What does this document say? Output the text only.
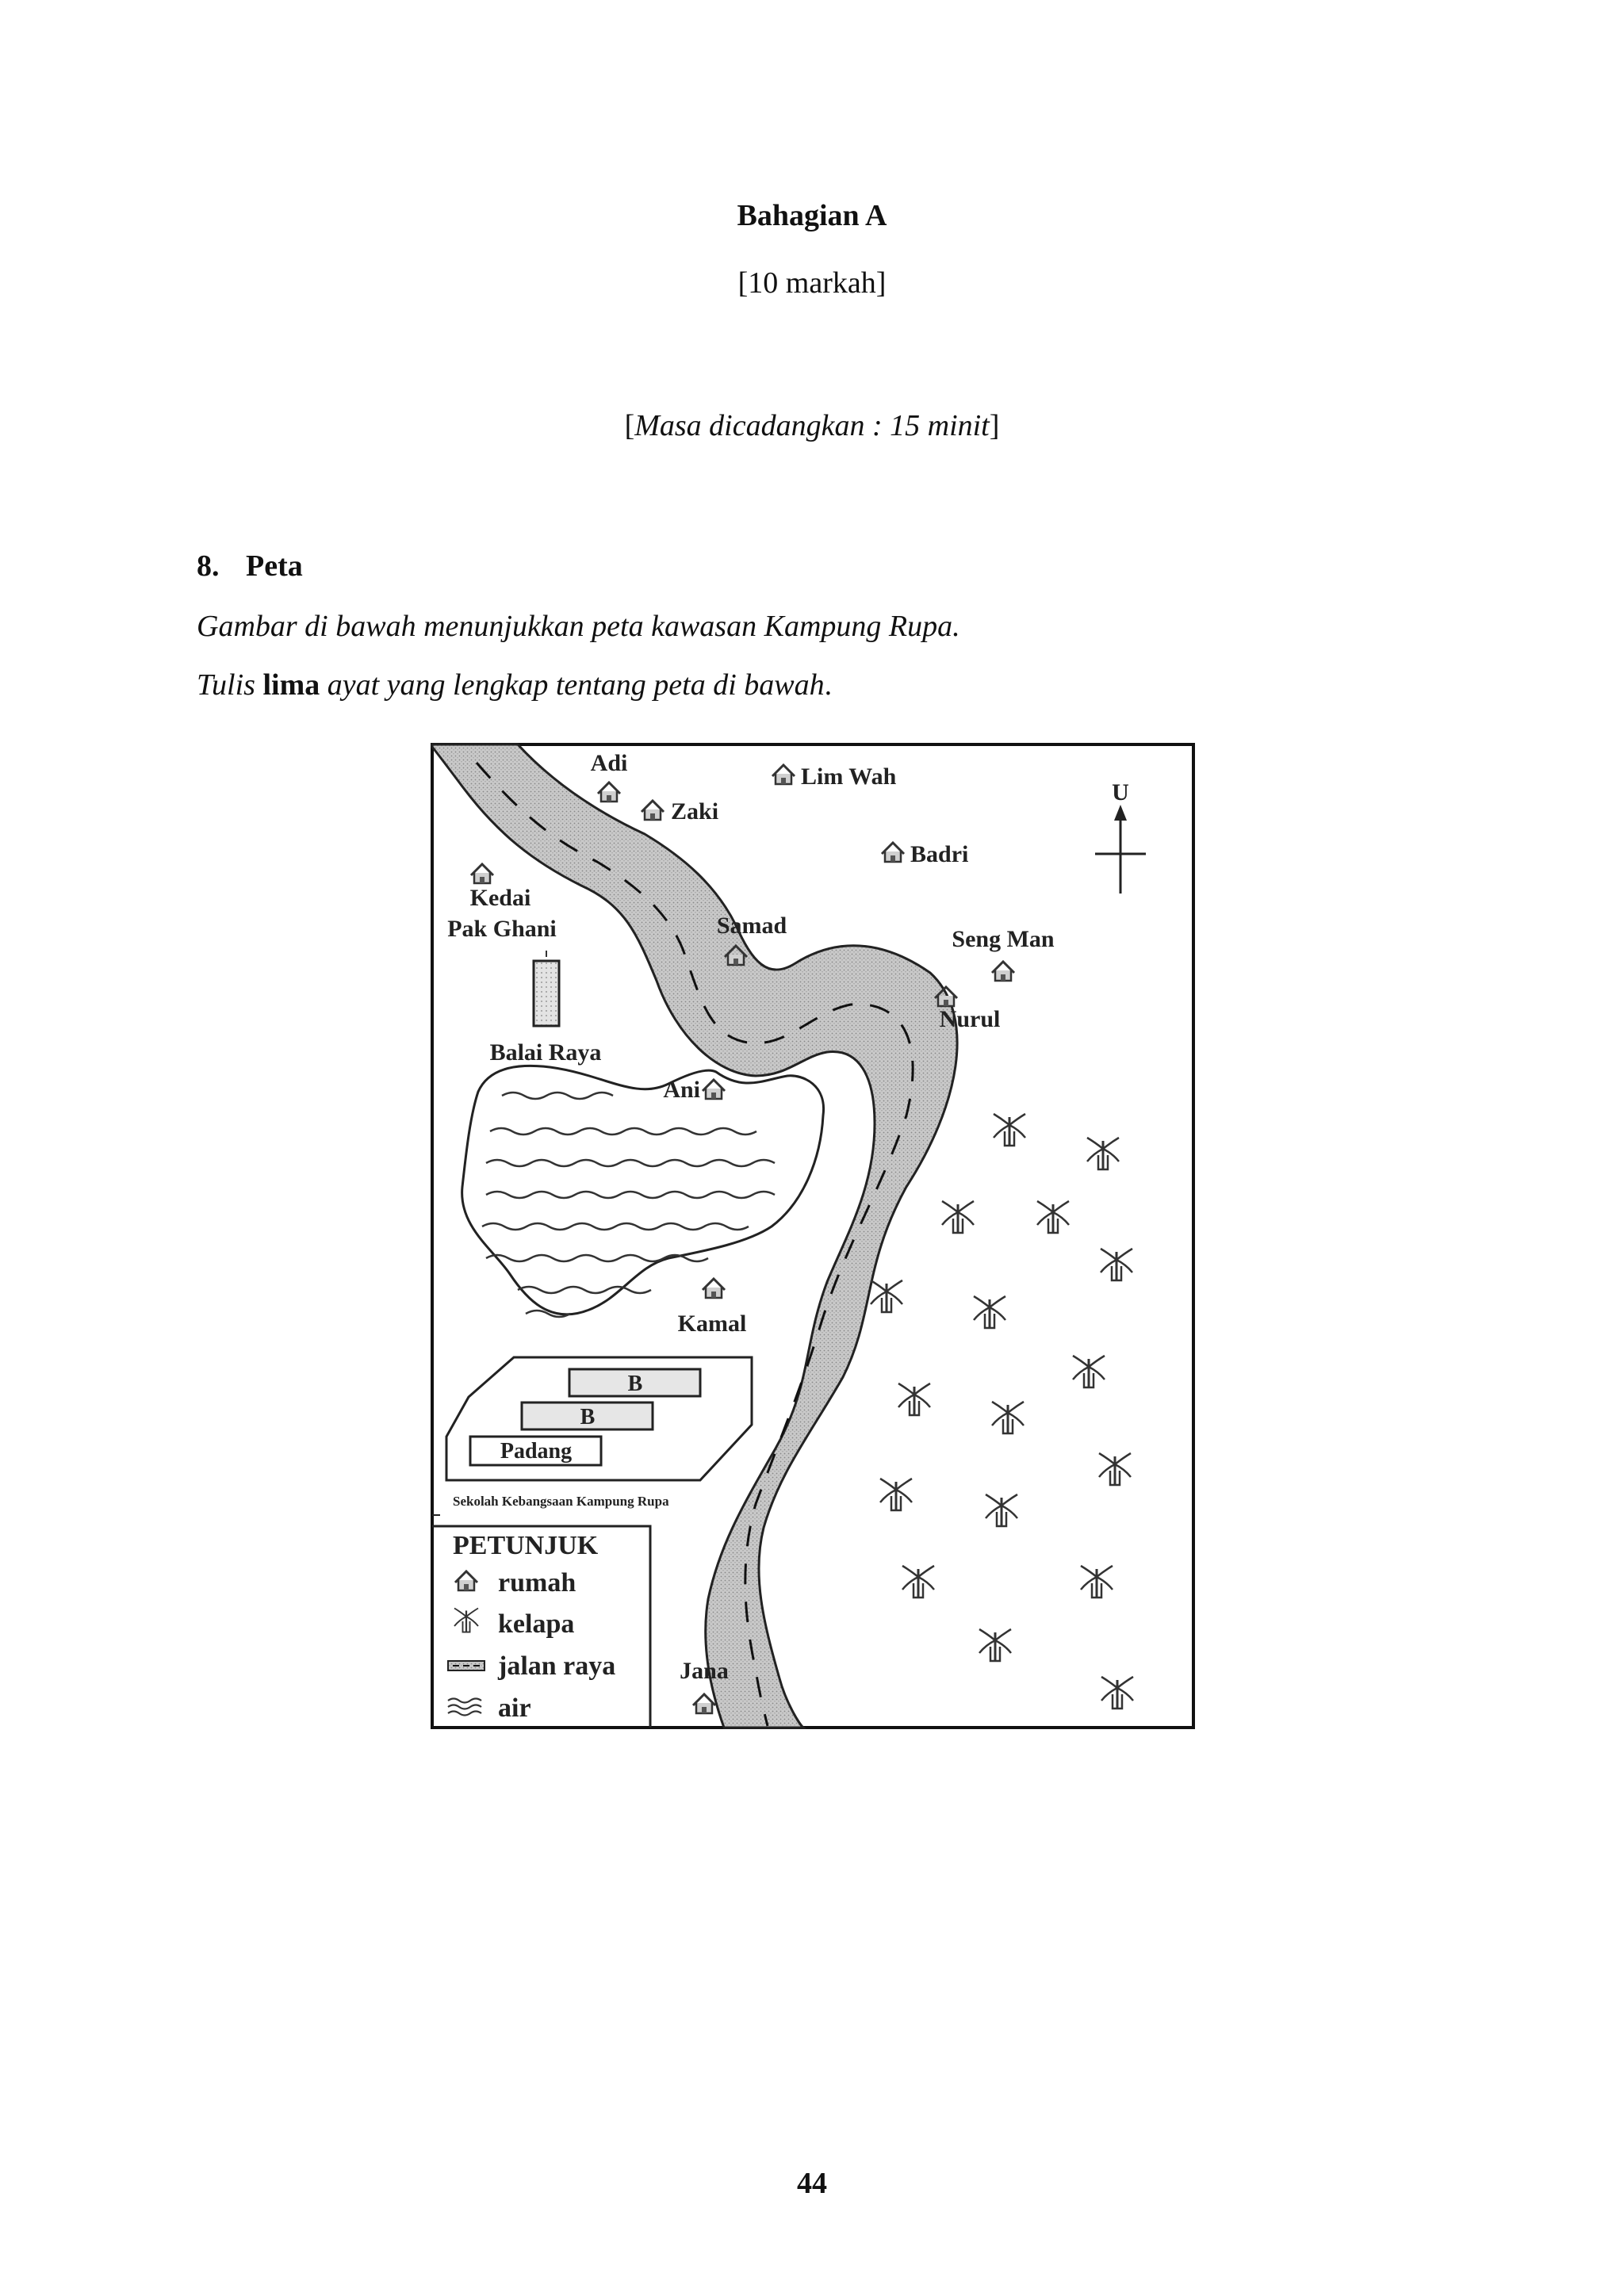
Bahagian A
[10 markah]
[Masa dicadangkan : 15 minit]
8. Peta
Gambar di bawah menunjukkan peta kawasan Kampung Rupa.
Tulis lima ayat yang lengkap tentang peta di bawah.
B
B
Padang
Sekolah Kebangsaan Kampung Rupa
U
Adi
Zaki
Lim Wah
Badri
Kedai
Pak Ghani	Samad
Seng Man
Nurul
Balai Raya
Ani
Kamal
Jana
PETUNJUK
rumah
kelapa
jalan raya
air
44
